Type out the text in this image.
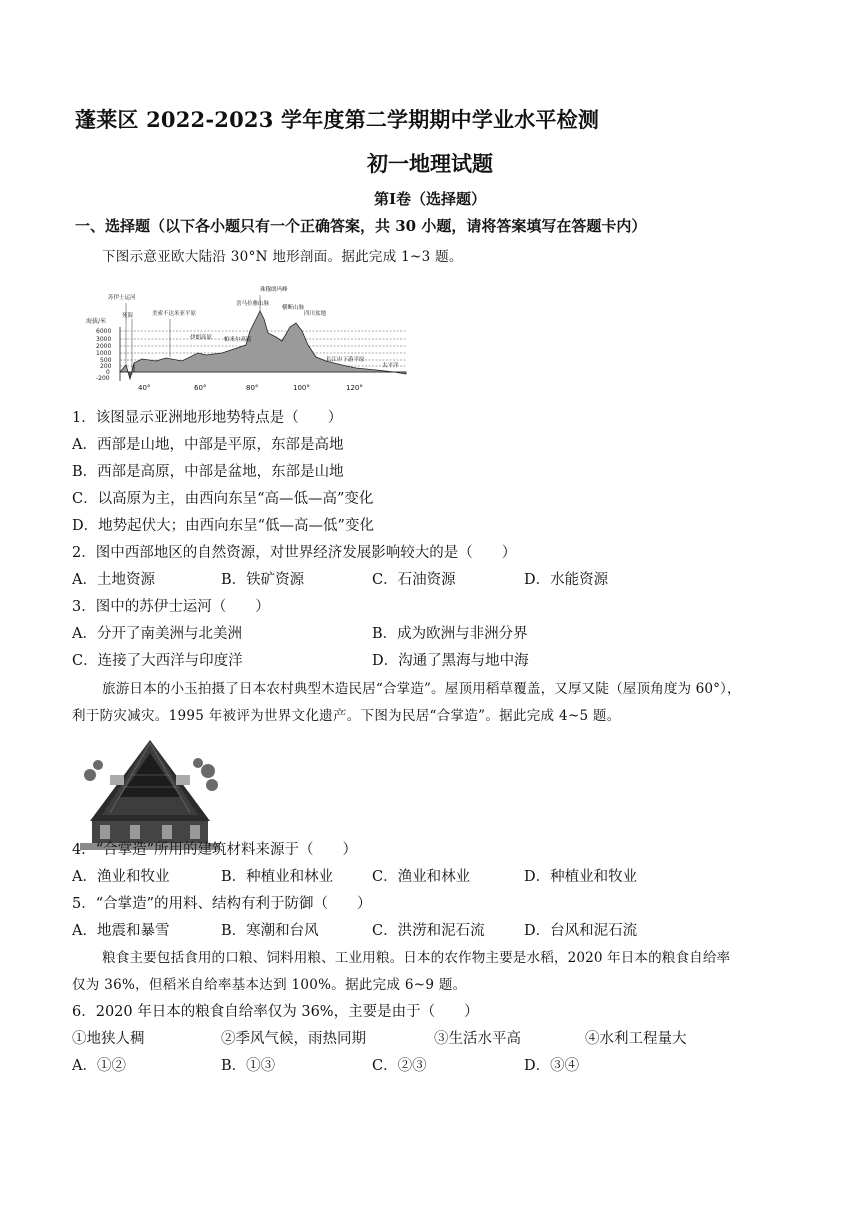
蓬莱区 2022-2023 学年度第二学期期中学业水平检测
初一地理试题
第Ⅰ卷（选择题）
一、选择题（以下各小题只有一个正确答案，共 30 小题，请将答案填写在答题卡内）
下图示意亚欧大陆沿 30°N 地形剖面。据此完成 1~3 题。
海拔/米
6000
3000
2000
1000
500
200
0
-200
40°	60°	80°	100°	120°
苏伊士运河
死海	美索不达米亚平原
伊朗高原
喜马拉雅山脉
珠穆朗玛峰
帕米尔高原
横断山脉
四川盆地
长江中下游平原
太平洋
1．该图显示亚洲地形地势特点是（　　）
A．西部是山地，中部是平原，东部是高地
B．西部是高原，中部是盆地，东部是山地
C．以高原为主，由西向东呈“高—低—高”变化
D．地势起伏大；由西向东呈“低—高—低”变化
2．图中西部地区的自然资源，对世界经济发展影响较大的是（　　）
A．土地资源	B．铁矿资源	C．石油资源	D．水能资源
3．图中的苏伊士运河（　　）
A．分开了南美洲与北美洲	B．成为欧洲与非洲分界
C．连接了大西洋与印度洋	D．沟通了黑海与地中海
旅游日本的小玉拍摄了日本农村典型木造民居“合掌造”。屋顶用稻草覆盖，又厚又陡（屋顶角度为 60°），
利于防灾减灾。1995 年被评为世界文化遗产。下图为民居“合掌造”。据此完成 4~5 题。
4．“合掌造”所用的建筑材料来源于（　　）
A．渔业和牧业	B．种植业和林业	C．渔业和林业	D．种植业和牧业
5．“合掌造”的用料、结构有利于防御（　　）
A．地震和暴雪	B．寒潮和台风	C．洪涝和泥石流	D．台风和泥石流
粮食主要包括食用的口粮、饲料用粮、工业用粮。日本的农作物主要是水稻，2020 年日本的粮食自给率
仅为 36%，但稻米自给率基本达到 100%。据此完成 6~9 题。
6．2020 年日本的粮食自给率仅为 36%，主要是由于（　　）
①地狭人稠	②季风气候，雨热同期	③生活水平高	④水利工程量大
A．①②	B．①③	C．②③	D．③④
